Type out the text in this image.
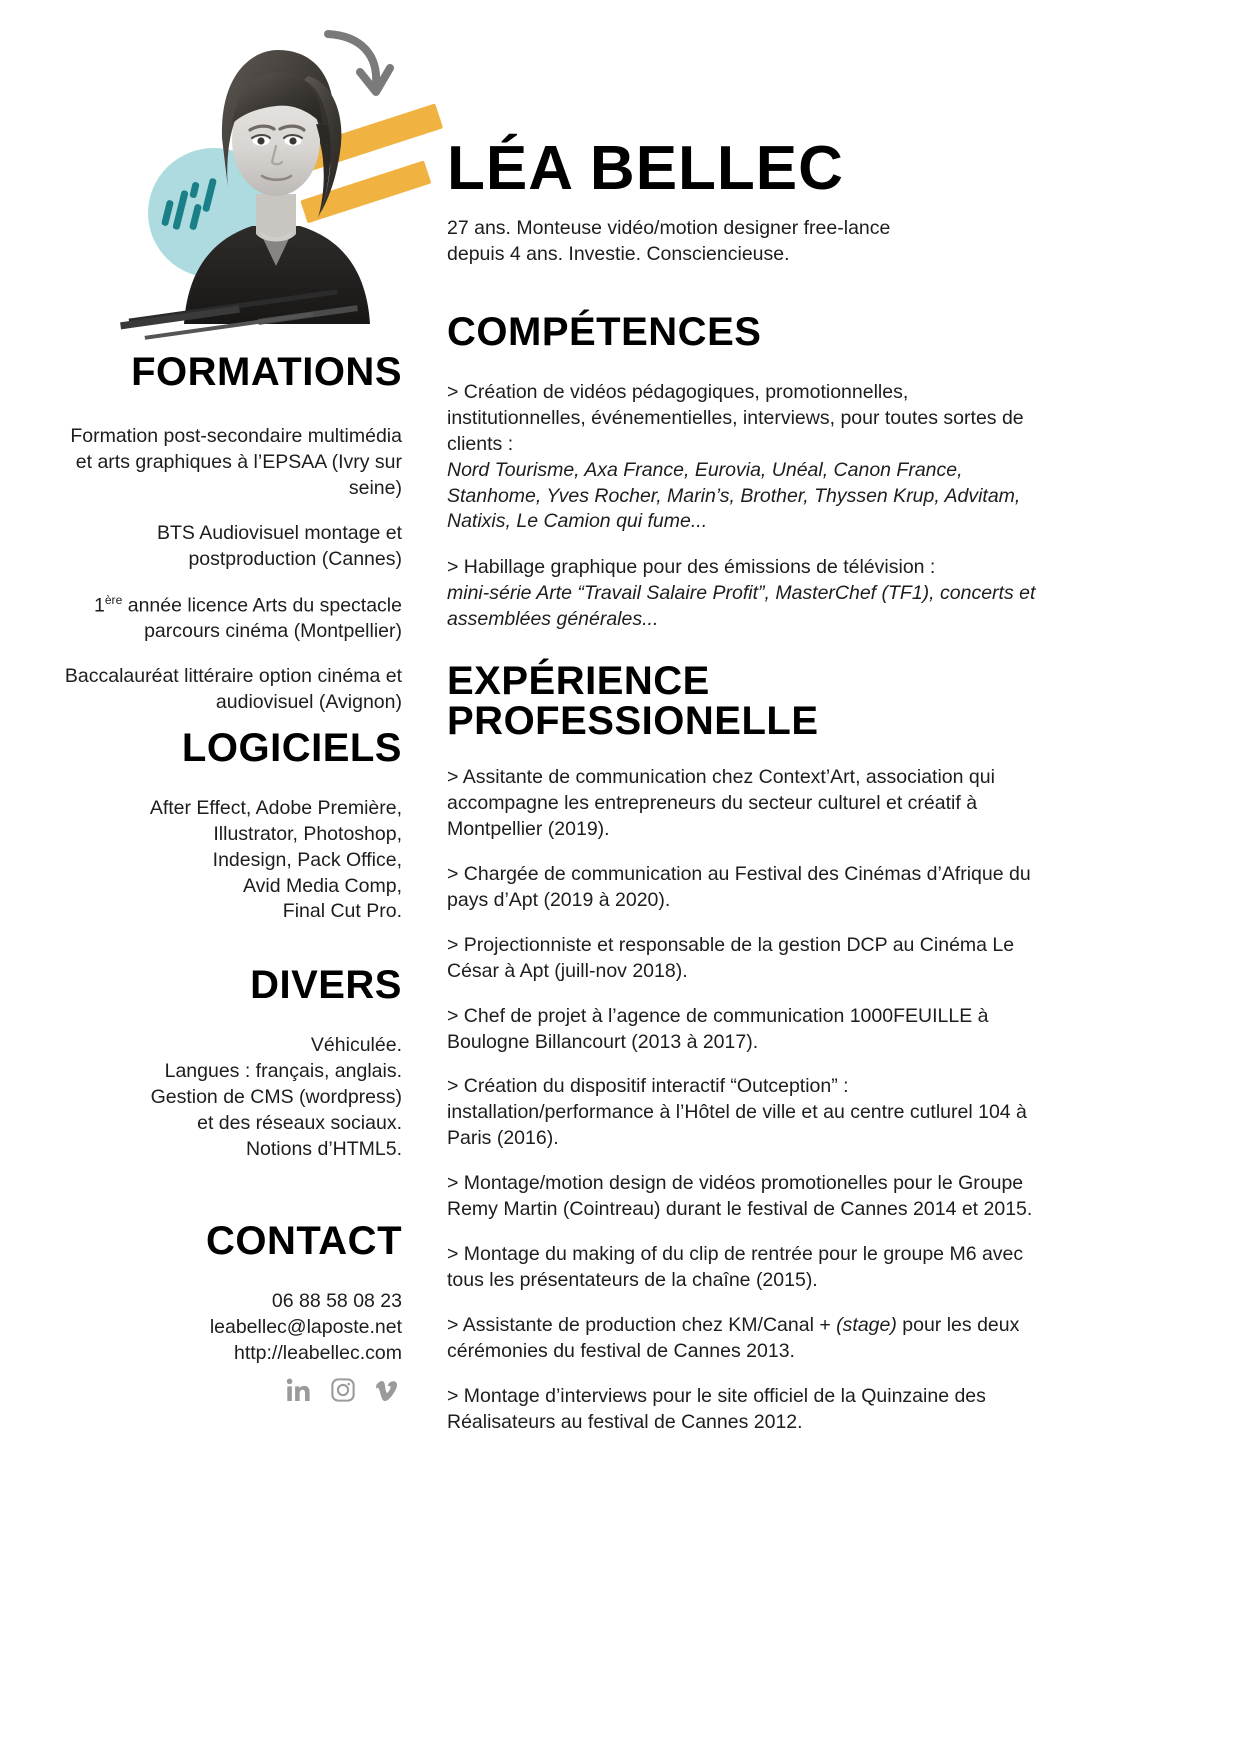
FORMATIONS

Formation post-secondaire multimédia et arts graphiques à l’EPSAA (Ivry sur seine)

BTS Audiovisuel montage et postproduction (Cannes)

1ère année licence Arts du spectacle parcours cinéma (Montpellier)

Baccalauréat littéraire option cinéma et audiovisuel (Avignon)

LOGICIELS
After Effect, Adobe Première,
Illustrator, Photoshop,
Indesign, Pack Office,
Avid Media Comp,
Final Cut Pro.
DIVERS
Véhiculée.
Langues : français, anglais.
Gestion de CMS (wordpress)
et des réseaux sociaux.
Notions d’HTML5.
CONTACT
06 88 58 08 23
leabellec@laposte.net
http://leabellec.com
LÉA BELLEC
27 ans. Monteuse vidéo/motion designer free-lance
depuis 4 ans. Investie. Consciencieuse.
COMPÉTENCES

> Création de vidéos pédagogiques, promotionnelles, institutionnelles, événementielles, interviews, pour toutes sortes de clients :

Nord Tourisme, Axa France, Eurovia, Unéal, Canon France, Stanhome, Yves Rocher, Marin’s, Brother, Thyssen Krup, Advitam, Natixis, Le Camion qui fume...

> Habillage graphique pour des émissions de télévision :

mini-série Arte “Travail Salaire Profit”, MasterChef (TF1), concerts et assemblées générales...

EXPÉRIENCE PROFESSIONELLE

> Assitante de communication chez Context’Art, association qui accompagne les entrepreneurs du secteur culturel et créatif à Montpellier (2019).

> Chargée de communication au Festival des Cinémas d’Afrique du pays d’Apt (2019 à 2020).

> Projectionniste et responsable de la gestion DCP au Cinéma Le César à Apt (juill-nov 2018).

> Chef de projet à l’agence de communication 1000FEUILLE à Boulogne Billancourt (2013 à 2017).

> Création du dispositif interactif “Outception” : installation/performance à l’Hôtel de ville et au centre cutlurel 104 à Paris (2016).

> Montage/motion design de vidéos promotionelles pour le Groupe Remy Martin (Cointreau) durant le festival de Cannes 2014 et 2015.

> Montage du making of du clip de rentrée pour le groupe M6 avec tous les présentateurs de la chaîne (2015).

> Assistante de production chez KM/Canal + (stage) pour les deux cérémonies du festival de Cannes 2013.

> Montage d’interviews pour le site officiel de la Quinzaine des Réalisateurs au festival de Cannes 2012.
